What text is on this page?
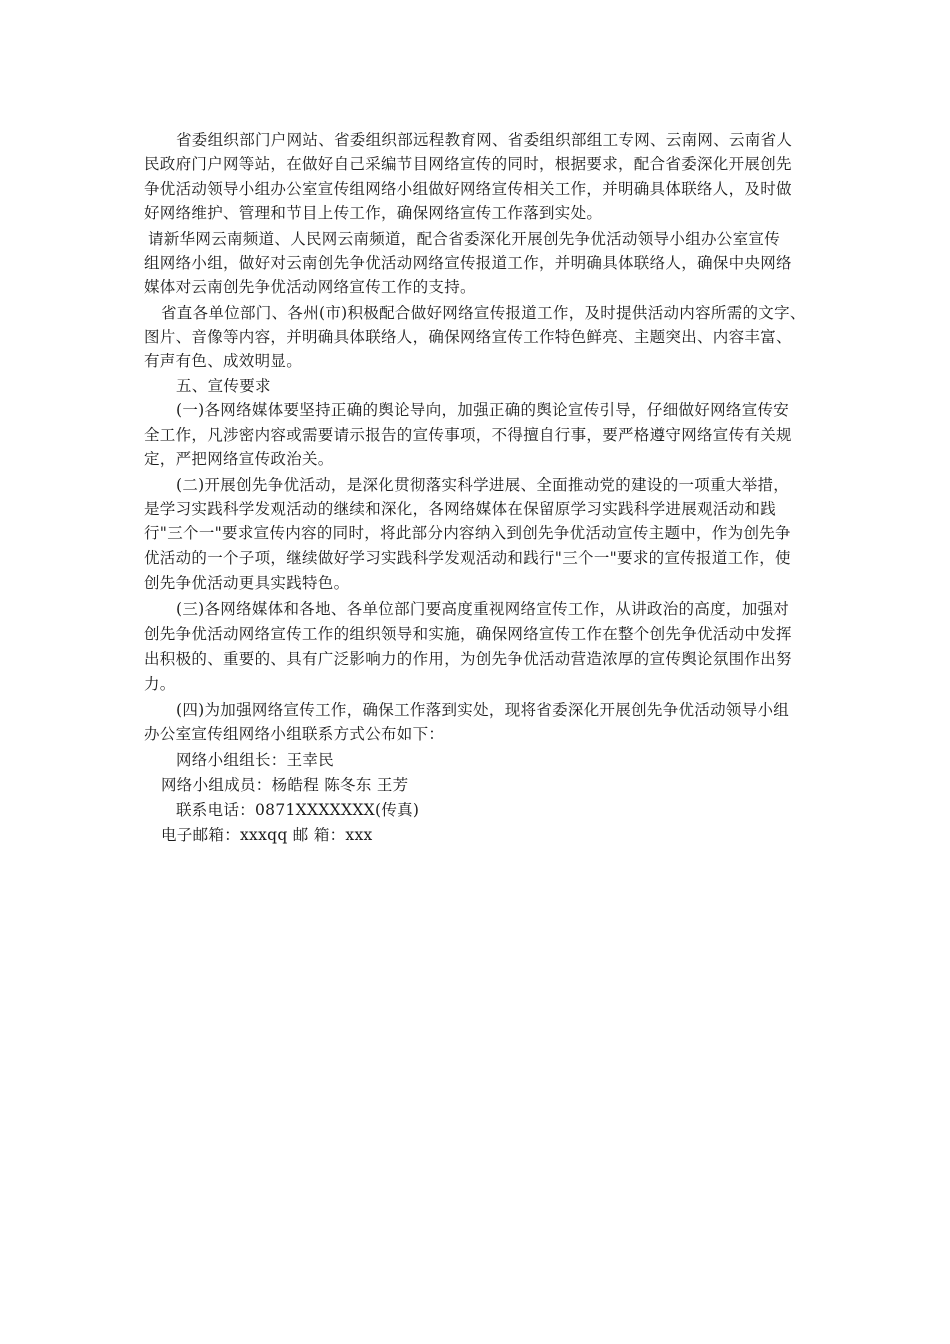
省委组织部门户网站、省委组织部远程教育网、省委组织部组工专网、云南网、云南省人
民政府门户网等站，在做好自己采编节目网络宣传的同时，根据要求，配合省委深化开展创先
争优活动领导小组办公室宣传组网络小组做好网络宣传相关工作，并明确具体联络人，及时做
好网络维护、管理和节目上传工作，确保网络宣传工作落到实处。
请新华网云南频道、人民网云南频道，配合省委深化开展创先争优活动领导小组办公室宣传
组网络小组，做好对云南创先争优活动网络宣传报道工作，并明确具体联络人，确保中央网络
媒体对云南创先争优活动网络宣传工作的支持。
省直各单位部门、各州(市)积极配合做好网络宣传报道工作，及时提供活动内容所需的文字、
图片、音像等内容，并明确具体联络人，确保网络宣传工作特色鲜亮、主题突出、内容丰富、
有声有色、成效明显。
五、宣传要求
(一)各网络媒体要坚持正确的舆论导向，加强正确的舆论宣传引导，仔细做好网络宣传安
全工作，凡涉密内容或需要请示报告的宣传事项，不得擅自行事，要严格遵守网络宣传有关规
定，严把网络宣传政治关。
(二)开展创先争优活动，是深化贯彻落实科学进展、全面推动党的建设的一项重大举措，
是学习实践科学发观活动的继续和深化，各网络媒体在保留原学习实践科学进展观活动和践
行"三个一"要求宣传内容的同时，将此部分内容纳入到创先争优活动宣传主题中，作为创先争
优活动的一个子项，继续做好学习实践科学发观活动和践行"三个一"要求的宣传报道工作，使
创先争优活动更具实践特色。
(三)各网络媒体和各地、各单位部门要高度重视网络宣传工作，从讲政治的高度，加强对
创先争优活动网络宣传工作的组织领导和实施，确保网络宣传工作在整个创先争优活动中发挥
出积极的、重要的、具有广泛影响力的作用，为创先争优活动营造浓厚的宣传舆论氛围作出努
力。
(四)为加强网络宣传工作，确保工作落到实处，现将省委深化开展创先争优活动领导小组
办公室宣传组网络小组联系方式公布如下：
网络小组组长：王幸民
网络小组成员：杨皓程 陈冬东 王芳
联系电话：0871XXXXXXX(传真)
电子邮箱：xxxqq 邮 箱：xxx
